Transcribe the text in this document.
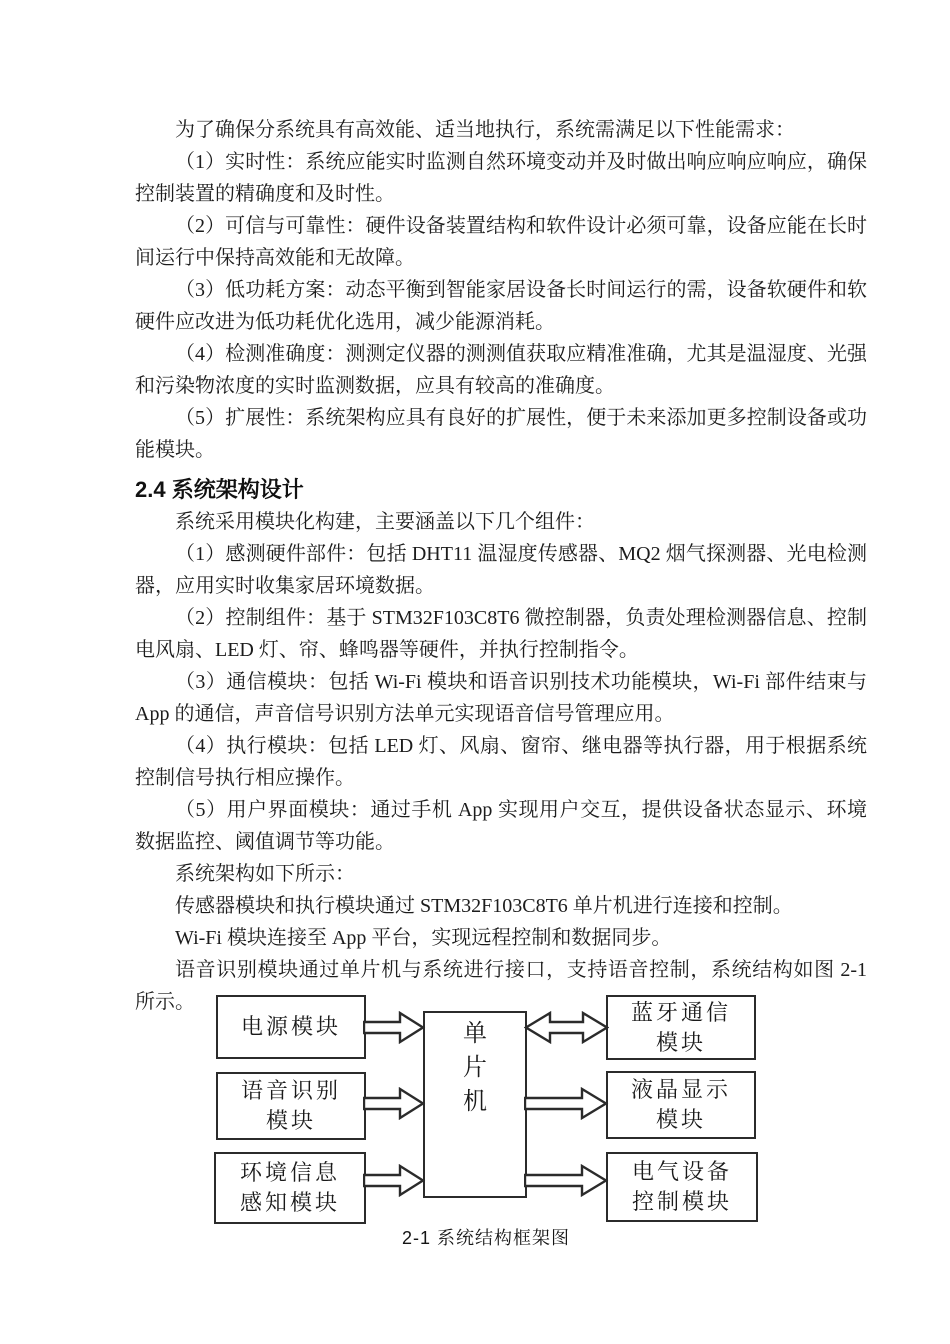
为了确保分系统具有高效能、适当地执行，系统需满足以下性能需求：

（1）实时性：系统应能实时监测自然环境变动并及时做出响应响应响应，确保控制装置的精确度和及时性。

（2）可信与可靠性：硬件设备装置结构和软件设计必须可靠，设备应能在长时间运行中保持高效能和无故障。

（3）低功耗方案：动态平衡到智能家居设备长时间运行的需，设备软硬件和软硬件应改进为低功耗优化选用，减少能源消耗。

（4）检测准确度：测测定仪器的测测值获取应精准准确，尤其是温湿度、光强和污染物浓度的实时监测数据，应具有较高的准确度。

（5）扩展性：系统架构应具有良好的扩展性，便于未来添加更多控制设备或功能模块。

2.4 系统架构设计

系统采用模块化构建，主要涵盖以下几个组件：

（1）感测硬件部件：包括 DHT11 温湿度传感器、MQ2 烟气探测器、光电检测器，应用实时收集家居环境数据。

（2）控制组件：基于 STM32F103C8T6 微控制器，负责处理检测器信息、控制电风扇、LED 灯、帘、蜂鸣器等硬件，并执行控制指令。

（3）通信模块：包括 Wi-Fi 模块和语音识别技术功能模块，Wi-Fi 部件结束与 App 的通信，声音信号识别方法单元实现语音信号管理应用。

（4）执行模块：包括 LED 灯、风扇、窗帘、继电器等执行器，用于根据系统控制信号执行相应操作。

（5）用户界面模块：通过手机 App 实现用户交互，提供设备状态显示、环境数据监控、阈值调节等功能。

系统架构如下所示：

传感器模块和执行模块通过 STM32F103C8T6 单片机进行连接和控制。

Wi-Fi 模块连接至 App 平台，实现远程控制和数据同步。

语音识别模块通过单片机与系统进行接口，支持语音控制，系统结构如图 2-1 所示。

电源模块
语音识别
模块
环境信息
感知模块
单
片
机
蓝牙通信
模块
液晶显示
模块
电气设备
控制模块
2-1 系统结构框架图
